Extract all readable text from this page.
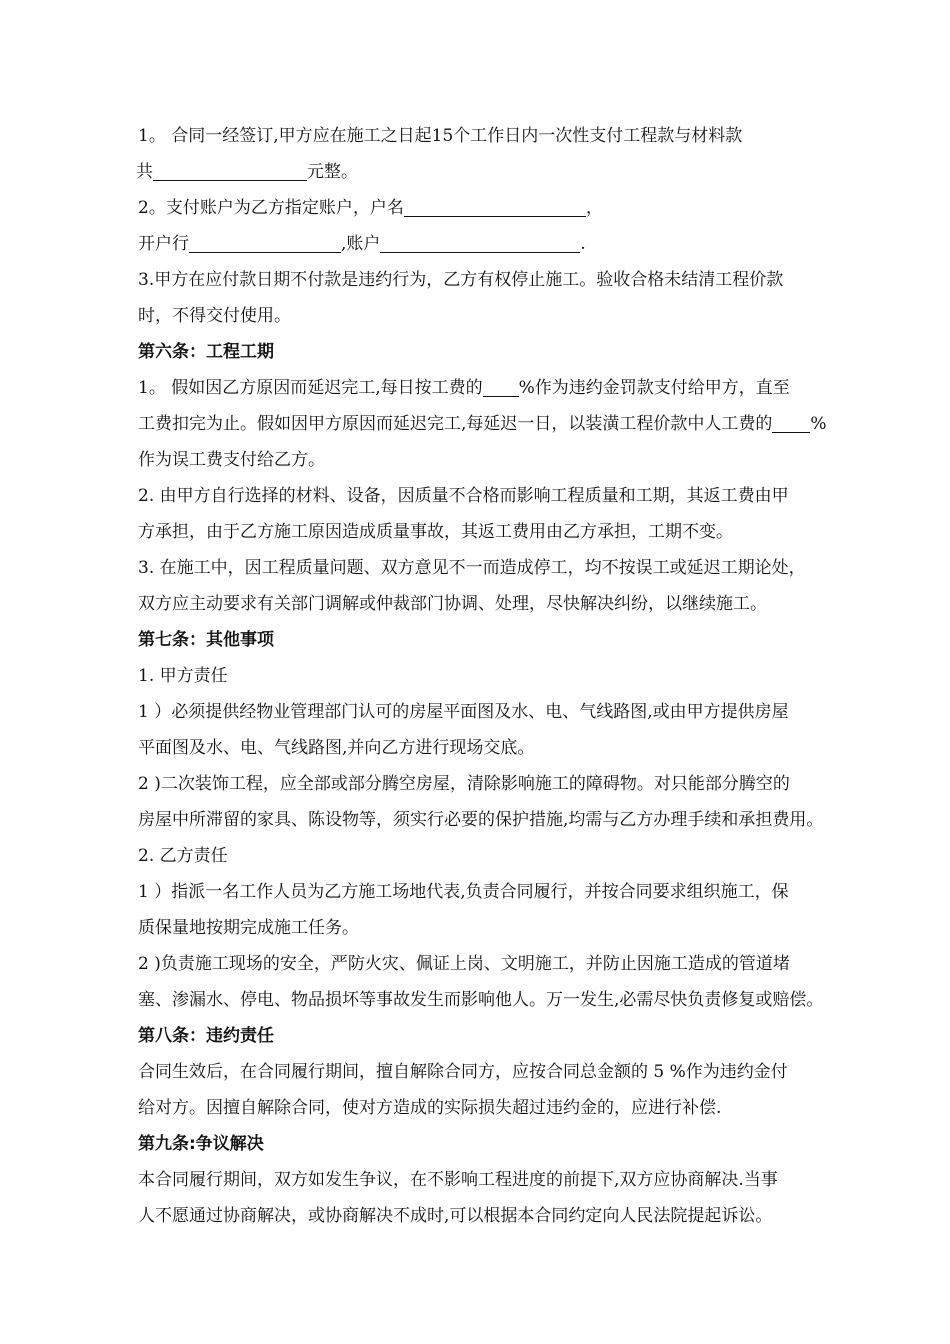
1。 合同一经签订,甲方应在施工之日起15个工作日内一次性支付工程款与材料款

共	元整。

2。支付账户为乙方指定账户，户名	，

开户行	,账户	.

3.甲方在应付款日期不付款是违约行为，乙方有权停止施工。验收合格未结清工程价款

时，不得交付使用。

第六条：工程工期

1。 假如因乙方原因而延迟完工,每日按工费的 %作为违约金罚款支付给甲方，直至

工费扣完为止。假如因甲方原因而延迟完工,每延迟一日，以装潢工程价款中人工费的 %

作为误工费支付给乙方。

2. 由甲方自行选择的材料、设备，因质量不合格而影响工程质量和工期，其返工费由甲

方承担，由于乙方施工原因造成质量事故，其返工费用由乙方承担，工期不变。

3. 在施工中，因工程质量问题、双方意见不一而造成停工，均不按误工或延迟工期论处，

双方应主动要求有关部门调解或仲裁部门协调、处理，尽快解决纠纷，以继续施工。

第七条：其他事项

1. 甲方责任

1 ）必须提供经物业管理部门认可的房屋平面图及水、电、气线路图,或由甲方提供房屋

平面图及水、电、气线路图,并向乙方进行现场交底。

2 )二次装饰工程，应全部或部分腾空房屋，清除影响施工的障碍物。对只能部分腾空的

房屋中所滞留的家具、陈设物等，须实行必要的保护措施,均需与乙方办理手续和承担费用。

2. 乙方责任

1 ）指派一名工作人员为乙方施工场地代表,负责合同履行，并按合同要求组织施工，保

质保量地按期完成施工任务。

2 )负责施工现场的安全，严防火灾、佩证上岗、文明施工，并防止因施工造成的管道堵

塞、渗漏水、停电、物品损坏等事故发生而影响他人。万一发生,必需尽快负责修复或赔偿。

第八条：违约责任

合同生效后，在合同履行期间，擅自解除合同方，应按合同总金额的 5 %作为违约金付

给对方。因擅自解除合同，使对方造成的实际损失超过违约金的，应进行补偿.

第九条:争议解决

本合同履行期间，双方如发生争议，在不影响工程进度的前提下,双方应协商解决.当事

人不愿通过协商解决，或协商解决不成时,可以根据本合同约定向人民法院提起诉讼。
